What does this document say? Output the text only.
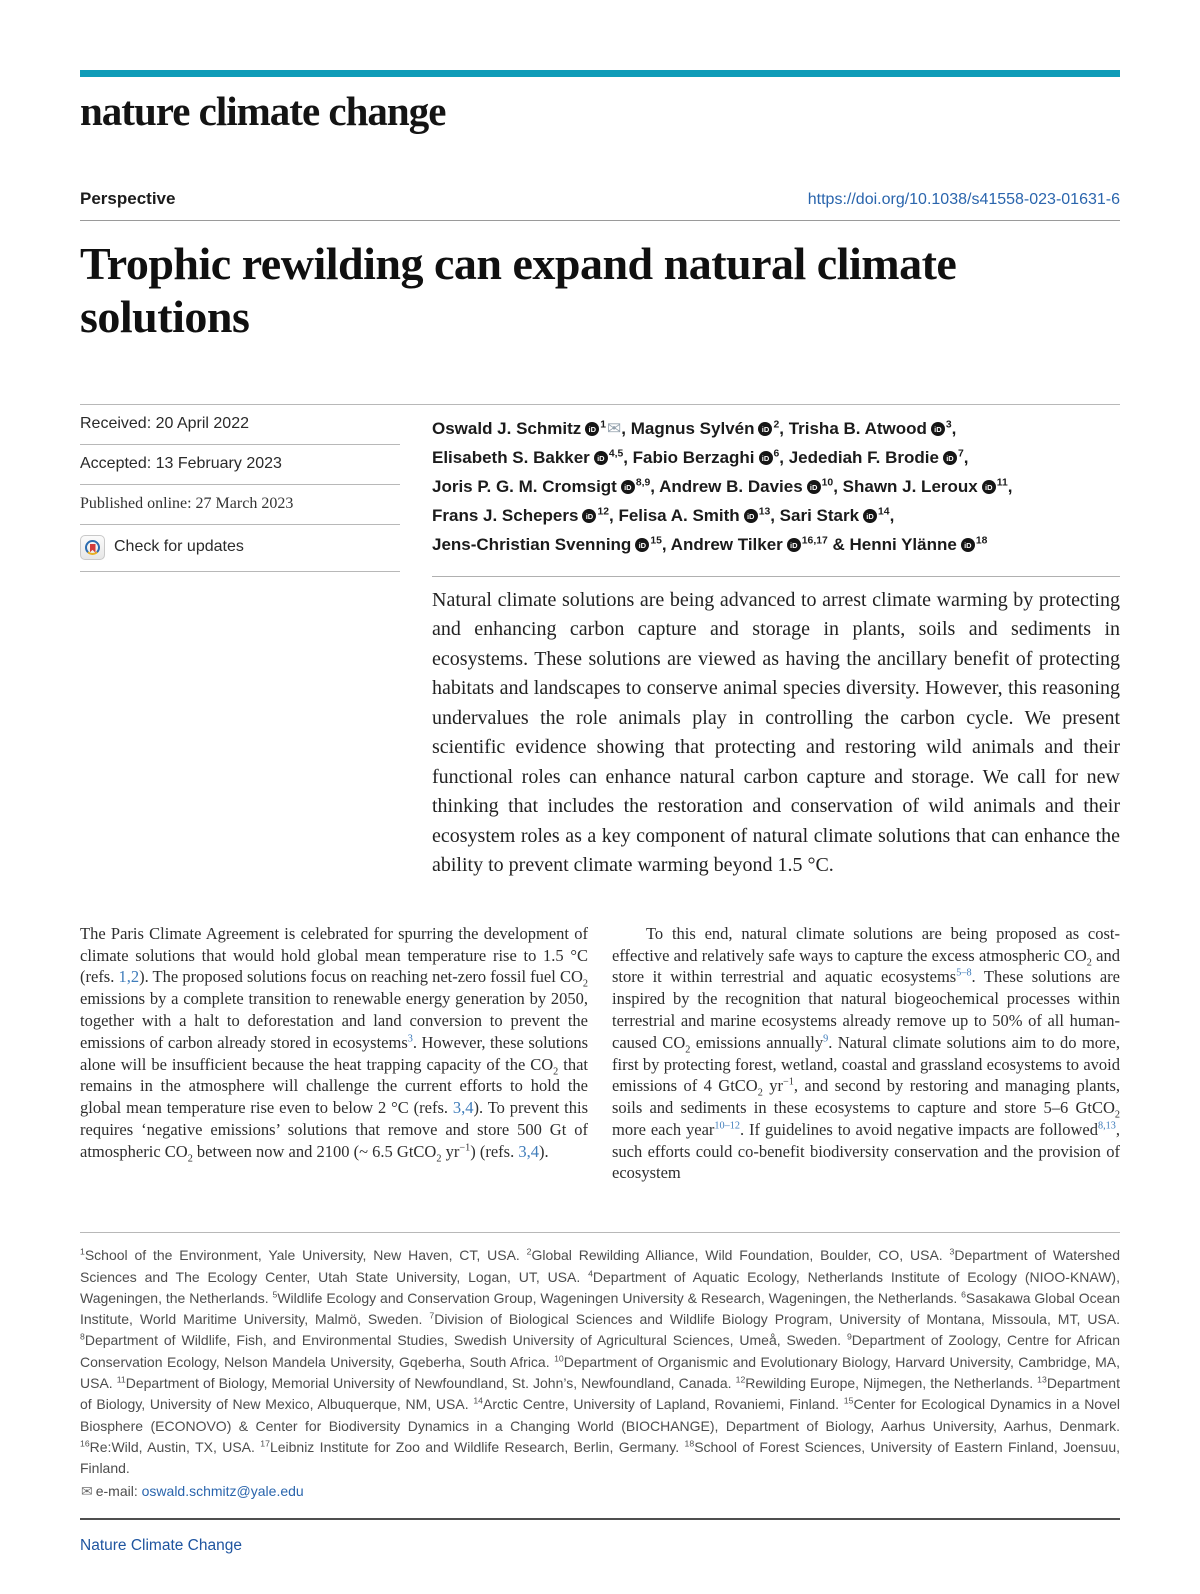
nature climate change
Perspective	https://doi.org/10.1038/s41558-023-01631-6
Trophic rewilding can expand natural climate solutions
Received: 20 April 2022
Accepted: 13 February 2023
Published online: 27 March 2023
Check for updates
Oswald J. Schmitz iD $^1$✉, Magnus Sylvén iD $^2$, Trisha B. Atwood iD $^3$,
Elisabeth S. Bakker iD $^{4,5}$, Fabio Berzaghi iD $^6$, Jedediah F. Brodie iD $^7$,
Joris P. G. M. Cromsigt iD $^{8,9}$, Andrew B. Davies iD $^{10}$, Shawn J. Leroux iD $^{11}$,
Frans J. Schepers iD $^{12}$, Felisa A. Smith iD $^{13}$, Sari Stark iD $^{14}$,
Jens-Christian Svenning iD $^{15}$, Andrew Tilker iD $^{16,17}$ & Henni Ylänne iD $^{18}$

Natural climate solutions are being advanced to arrest climate warming by protecting and enhancing carbon capture and storage in plants, soils and sediments in ecosystems. These solutions are viewed as having the ancillary benefit of protecting habitats and landscapes to conserve animal species diversity. However, this reasoning undervalues the role animals play in controlling the carbon cycle. We present scientific evidence showing that protecting and restoring wild animals and their functional roles can enhance natural carbon capture and storage. We call for new thinking that includes the restoration and conservation of wild animals and their ecosystem roles as a key component of natural climate solutions that can enhance the ability to prevent climate warming beyond 1.5 °C.

The Paris Climate Agreement is celebrated for spurring the development of climate solutions that would hold global mean temperature rise to 1.5 °C (refs. 1,2). The proposed solutions focus on reaching net-zero fossil fuel $CO_2$ emissions by a complete transition to renewable energy generation by 2050, together with a halt to deforestation and land conversion to prevent the emissions of carbon already stored in ecosystems$^3$. However, these solutions alone will be insufficient because the heat trapping capacity of the $CO_2$ that remains in the atmosphere will challenge the current efforts to hold the global mean temperature rise even to below 2 °C (refs. 3,4). To prevent this requires ‘negative emissions’ solutions that remove and store 500 Gt of atmospheric $CO_2$ between now and 2100 (~ 6.5 GtCO$_2$ $yr^{-1}$) (refs. 3,4).

To this end, natural climate solutions are being proposed as cost-effective and relatively safe ways to capture the excess atmospheric $CO_2$ and store it within terrestrial and aquatic ecosystems$^{5-8}$. These solutions are inspired by the recognition that natural biogeochemical processes within terrestrial and marine ecosystems already remove up to 50% of all human-caused $CO_2$ emissions annually$^9$. Natural climate solutions aim to do more, first by protecting forest, wetland, coastal and grassland ecosystems to avoid emissions of 4 GtCO$_2$ $yr^{-1}$, and second by restoring and managing plants, soils and sediments in these ecosystems to capture and store 5–6 GtCO$_2$ more each year$^{10-12}$. If guidelines to avoid negative impacts are followed$^{8,13}$, such efforts could co-benefit biodiversity conservation and the provision of ecosystem

$^1$School of the Environment, Yale University, New Haven, CT, USA. $^2$Global Rewilding Alliance, Wild Foundation, Boulder, CO, USA. $^3$Department of Watershed Sciences and The Ecology Center, Utah State University, Logan, UT, USA. $^4$Department of Aquatic Ecology, Netherlands Institute of Ecology (NIOO-KNAW), Wageningen, the Netherlands. $^5$Wildlife Ecology and Conservation Group, Wageningen University & Research, Wageningen, the Netherlands. $^6$Sasakawa Global Ocean Institute, World Maritime University, Malmö, Sweden. $^7$Division of Biological Sciences and Wildlife Biology Program, University of Montana, Missoula, MT, USA. $^8$Department of Wildlife, Fish, and Environmental Studies, Swedish University of Agricultural Sciences, Umeå, Sweden. $^9$Department of Zoology, Centre for African Conservation Ecology, Nelson Mandela University, Gqeberha, South Africa. $^{10}$Department of Organismic and Evolutionary Biology, Harvard University, Cambridge, MA, USA. $^{11}$Department of Biology, Memorial University of Newfoundland, St. John’s, Newfoundland, Canada. $^{12}$Rewilding Europe, Nijmegen, the Netherlands. $^{13}$Department of Biology, University of New Mexico, Albuquerque, NM, USA. $^{14}$Arctic Centre, University of Lapland, Rovaniemi, Finland. $^{15}$Center for Ecological Dynamics in a Novel Biosphere (ECONOVO) & Center for Biodiversity Dynamics in a Changing World (BIOCHANGE), Department of Biology, Aarhus University, Aarhus, Denmark. $^{16}$Re:Wild, Austin, TX, USA. $^{17}$Leibniz Institute for Zoo and Wildlife Research, Berlin, Germany. $^{18}$School of Forest Sciences, University of Eastern Finland, Joensuu, Finland.

✉ e-mail: oswald.schmitz@yale.edu

Nature Climate Change
